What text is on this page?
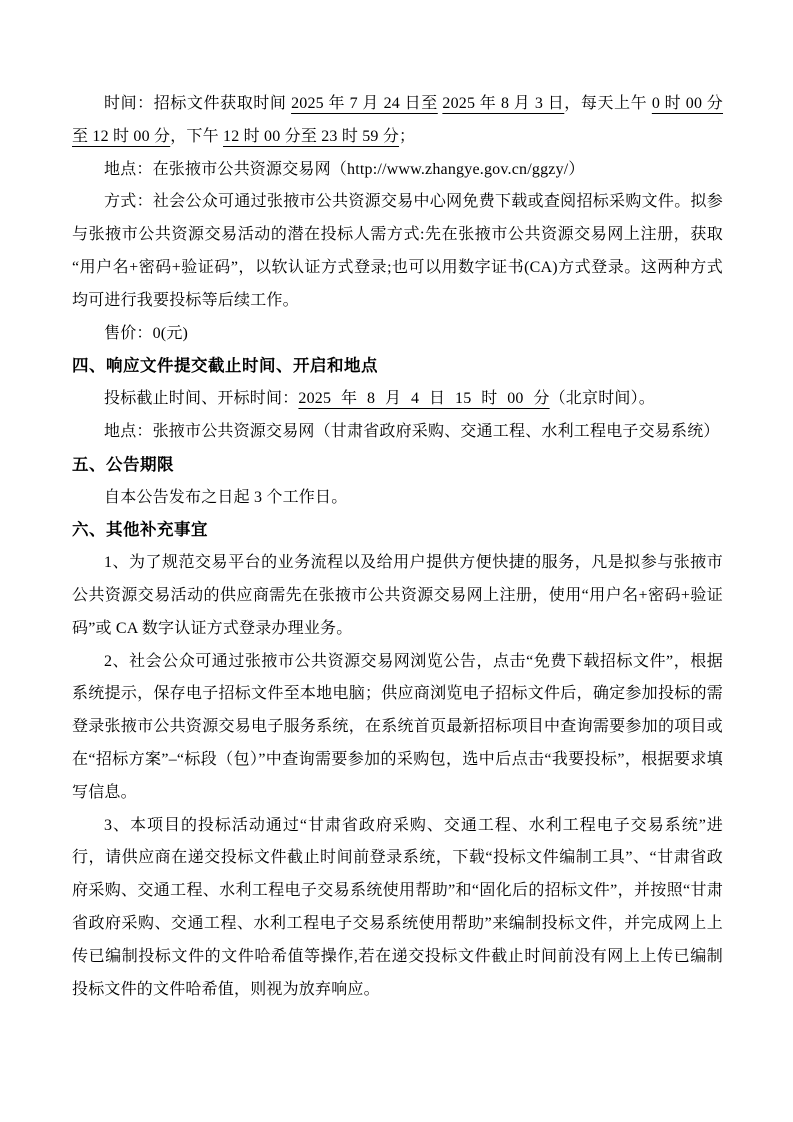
时间：招标文件获取时间 2025 年 7 月 24 日至 2025 年 8 月 3 日，每天上午 0 时 00 分至 12 时 00 分，下午 12 时 00 分至 23 时 59 分；

地点：在张掖市公共资源交易网（http://www.zhangye.gov.cn/ggzy/）

方式：社会公众可通过张掖市公共资源交易中心网免费下载或查阅招标采购文件。拟参与张掖市公共资源交易活动的潜在投标人需方式:先在张掖市公共资源交易网上注册，获取“用户名+密码+验证码”，以软认证方式登录;也可以用数字证书(CA)方式登录。这两种方式均可进行我要投标等后续工作。

售价：0(元)

四、响应文件提交截止时间、开启和地点

投标截止时间、开标时间：2025 年 8 月 4 日 15 时 00 分（北京时间）。

地点：张掖市公共资源交易网（甘肃省政府采购、交通工程、水利工程电子交易系统）

五、公告期限

自本公告发布之日起 3 个工作日。

六、其他补充事宜

1、为了规范交易平台的业务流程以及给用户提供方便快捷的服务，凡是拟参与张掖市公共资源交易活动的供应商需先在张掖市公共资源交易网上注册，使用“用户名+密码+验证码”或 CA 数字认证方式登录办理业务。

2、社会公众可通过张掖市公共资源交易网浏览公告，点击“免费下载招标文件”，根据系统提示，保存电子招标文件至本地电脑；供应商浏览电子招标文件后，确定参加投标的需登录张掖市公共资源交易电子服务系统，在系统首页最新招标项目中查询需要参加的项目或在“招标方案”–“标段（包）”中查询需要参加的采购包，选中后点击“我要投标”，根据要求填写信息。

3、本项目的投标活动通过“甘肃省政府采购、交通工程、水利工程电子交易系统”进行，请供应商在递交投标文件截止时间前登录系统，下载“投标文件编制工具”、“甘肃省政府采购、交通工程、水利工程电子交易系统使用帮助”和“固化后的招标文件”，并按照“甘肃省政府采购、交通工程、水利工程电子交易系统使用帮助”来编制投标文件，并完成网上上传已编制投标文件的文件哈希值等操作,若在递交投标文件截止时间前没有网上上传已编制投标文件的文件哈希值，则视为放弃响应。
